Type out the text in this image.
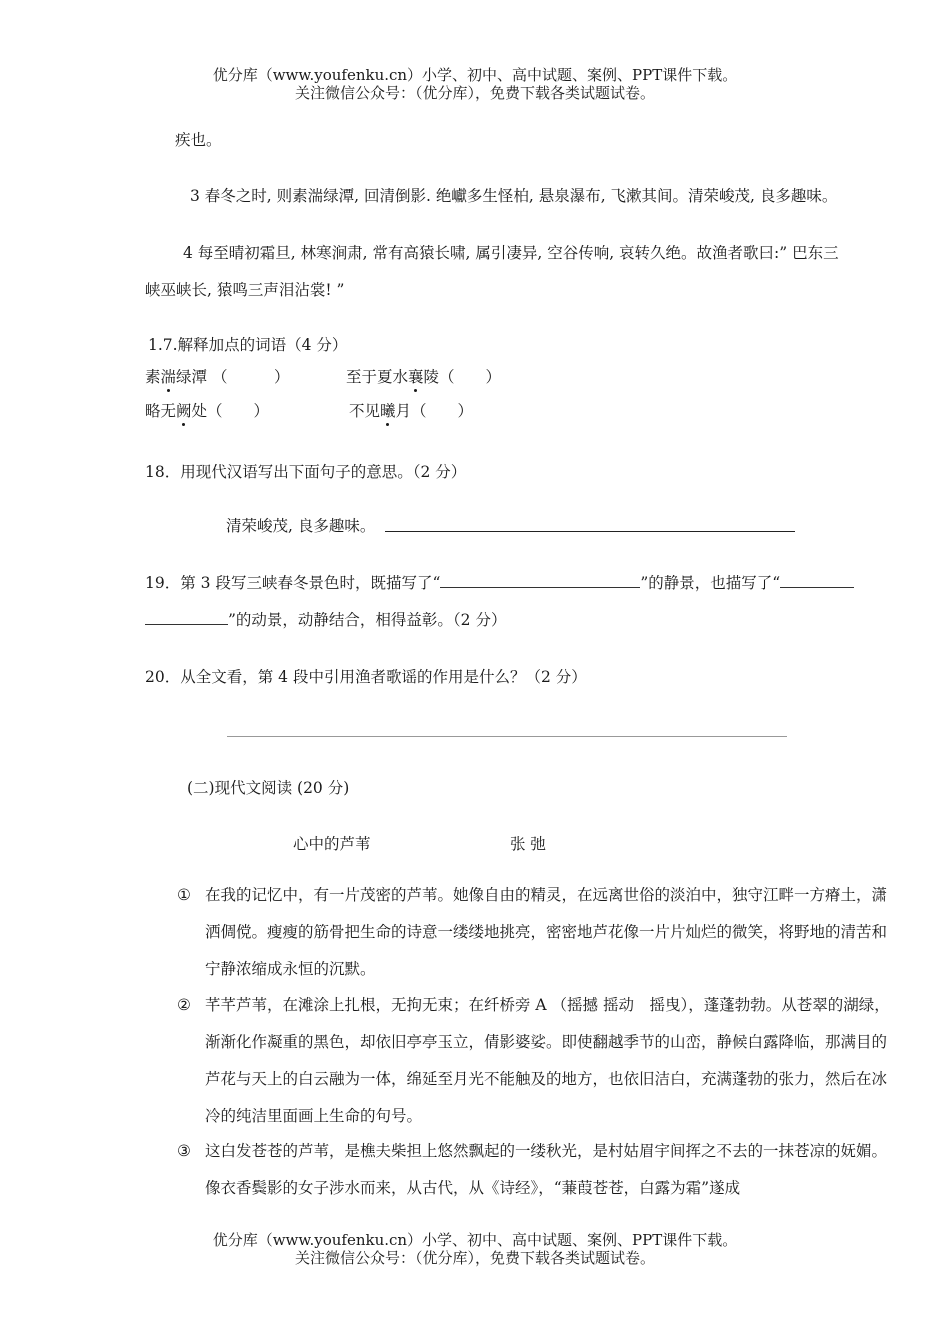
优分库（www.youfenku.cn）小学、初中、高中试题、案例、PPT课件下载。
关注微信公众号：（优分库），免费下载各类试题试卷。
疾也。
3 春冬之时, 则素湍绿潭, 回清倒影. 绝巘多生怪柏, 悬泉瀑布, 飞漱其间。清荣峻茂, 良多趣味。
4 每至晴初霜旦, 林寒涧肃, 常有高猿长啸, 属引凄异, 空谷传响, 哀转久绝。故渔者歌曰:” 巴东三
峡巫峡长, 猿鸣三声泪沾裳! ”
1.7.解释加点的词语（4 分）
素湍绿潭 （　　　）	至于夏水襄陵（　　）
略无阙处（　　）	不见曦月（　　）
18．用现代汉语写出下面句子的意思。（2 分）
清荣峻茂, 良多趣味。
19．第 3 段写三峡春冬景色时，既描写了“	”的静景，也描写了“
”的动景，动静结合，相得益彰。（2 分）
20．从全文看，第 4 段中引用渔者歌谣的作用是什么？（2 分）
(二)现代文阅读 (20 分)
心中的芦苇	张 弛
① 在我的记忆中，有一片茂密的芦苇。她像自由的精灵，在远离世俗的淡泊中，独守江畔一方瘠土，潇洒倜傥。瘦瘦的筋骨把生命的诗意一缕缕地挑亮，密密地芦花像一片片灿烂的微笑，将野地的清苦和宁静浓缩成永恒的沉默。
② 芊芊芦苇，在滩涂上扎根，无拘无束；在纤桥旁 A （摇撼 摇动　摇曳），蓬蓬勃勃。从苍翠的湖绿，渐渐化作凝重的黑色，却依旧亭亭玉立，倩影婆娑。即使翻越季节的山峦，静候白露降临，那满目的芦花与天上的白云融为一体，绵延至月光不能触及的地方，也依旧洁白，充满蓬勃的张力，然后在冰冷的纯洁里面画上生命的句号。
③ 这白发苍苍的芦苇，是樵夫柴担上悠然飘起的一缕秋光，是村姑眉宇间挥之不去的一抹苍凉的妩媚。像衣香鬓影的女子涉水而来，从古代，从《诗经》，“蒹葭苍苍，白露为霜”遂成
优分库（www.youfenku.cn）小学、初中、高中试题、案例、PPT课件下载。
关注微信公众号：（优分库），免费下载各类试题试卷。
